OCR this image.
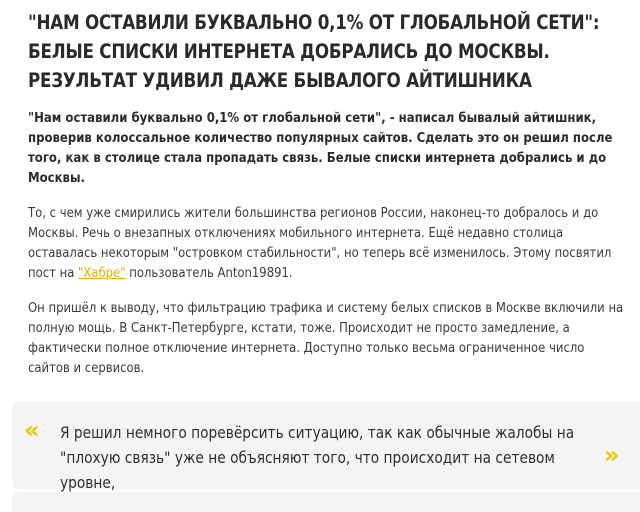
"НАМ ОСТАВИЛИ БУКВАЛЬНО 0,1% ОТ ГЛОБАЛЬНОЙ СЕТИ": БЕЛЫЕ СПИСКИ ИНТЕРНЕТА ДОБРАЛИСЬ ДО МОСКВЫ. РЕЗУЛЬТАТ УДИВИЛ ДАЖЕ БЫВАЛОГО АЙТИШНИКА

"Нам оставили буквально 0,1% от глобальной сети", - написал бывалый айтишник, проверив колоссальное количество популярных сайтов. Сделать это он решил после того, как в столице стала пропадать связь. Белые списки интернета добрались и до Москвы.

То, с чем уже смирились жители большинства регионов России, наконец-то добралось и до Москвы. Речь о внезапных отключениях мобильного интернета. Ещё недавно столица оставалась некоторым "островком стабильности", но теперь всё изменилось. Этому посвятил пост на "Хабре" пользователь Anton19891.

Он пришёл к выводу, что фильтрацию трафика и систему белых списков в Москве включили на полную мощь. В Санкт-Петербурге, кстати, тоже. Происходит не просто замедление, а фактически полное отключение интернета. Доступно только весьма ограниченное число сайтов и сервисов.

« Я решил немного поревёрсить ситуацию, так как обычные жалобы на "плохую связь" уже не объясняют того, что происходит на сетевом уровне,

»
